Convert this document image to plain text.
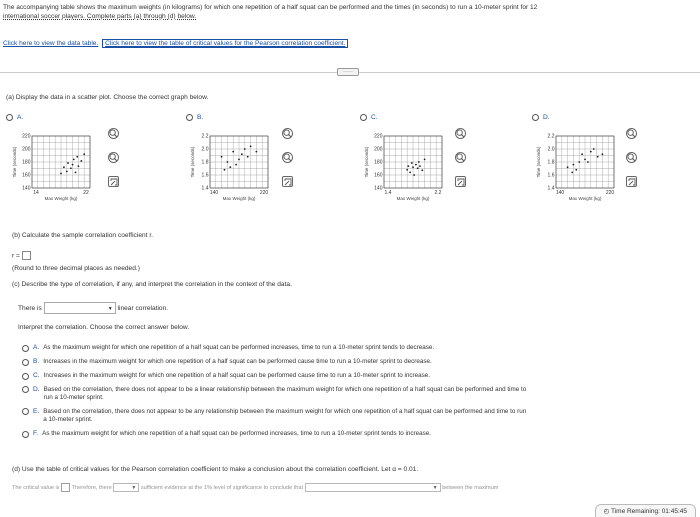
The accompanying table shows the maximum weights (in kilograms) for which one repetition of a half squat can be performed and the times (in seconds) to run a 10-meter sprint for 12
international soccer players. Complete parts (a) through (d) below.
Click here to view the data table. Click here to view the table of critical values for the Pearson correlation coefficient.
·····
(a) Display the data in a scatter plot. Choose the correct graph below.
A.
Time (seconds)
220
200
180
160
140
14	22
Max Weight (kg)
B.
Time (seconds)
2.2
2.0
1.8
1.6
1.4
140	220
Max Weight (kg)
C.
Time (seconds)
220
200
180
160
140
1.4	2.2
Max Weight (kg)
D.
Time (seconds)
2.2
2.0
1.8
1.6
1.4
140	220
Max Weight (kg)
(b) Calculate the sample correlation coefficient r.
r =
(Round to three decimal places as needed.)
(c) Describe the type of correlation, if any, and interpret the correlation in the context of the data.
There is	▼ linear correlation.
Interpret the correlation. Choose the correct answer below.
A. As the maximum weight for which one repetition of a half squat can be performed increases, time to run a 10-meter sprint tends to decrease.
B. Increases in the maximum weight for which one repetition of a half squat can be performed cause time to run a 10-meter sprint to decrease.
C. Increases in the maximum weight for which one repetition of a half squat can be performed cause time to run a 10-meter sprint to increase.
D. Based on the correlation, there does not appear to be a linear relationship between the maximum weight for which one repetition of a half squat can be performed and time to
run a 10-meter sprint.
E. Based on the correlation, there does not appear to be any relationship between the maximum weight for which one repetition of a half squat can be performed and time to run
a 10-meter sprint.
F. As the maximum weight for which one repetition of a half squat can be performed increases, time to run a 10-meter sprint tends to increase.
(d) Use the table of critical values for the Pearson correlation coefficient to make a conclusion about the correlation coefficient. Let α = 0.01.
The critical value is Therefore, there	▼ sufficient evidence at the 1% level of significance to conclude that	▼ between the maximum
◴ Time Remaining: 01:45:45
